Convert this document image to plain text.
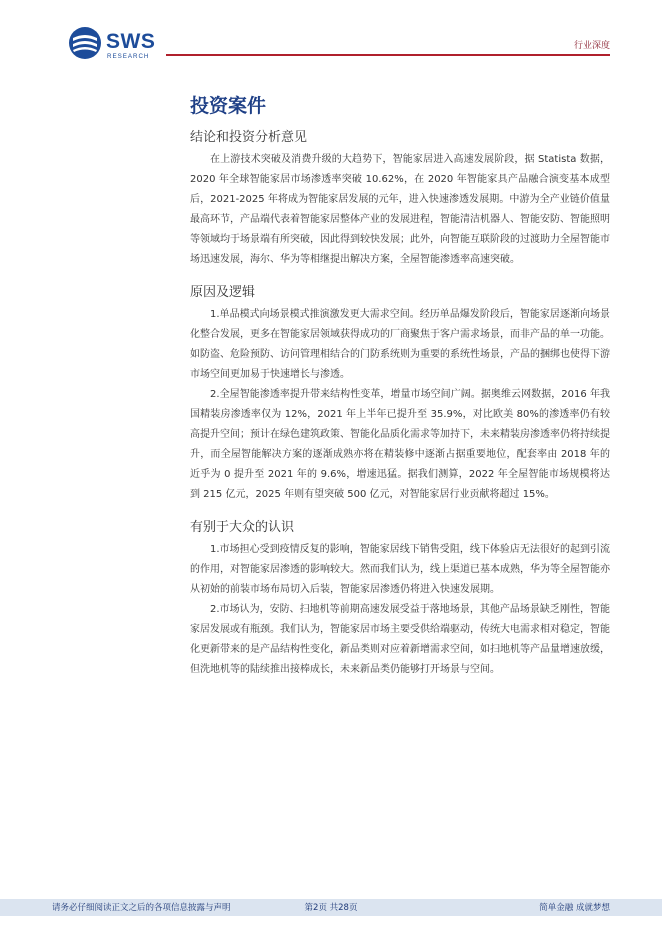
SWS
RESEARCH
行业深度
投资案件
结论和投资分析意见

在上游技术突破及消费升级的大趋势下，智能家居进入高速发展阶段，据 Statista 数据，2020 年全球智能家居市场渗透率突破 10.62%，在 2020 年智能家具产品融合演变基本成型后，2021-2025 年将成为智能家居发展的元年，进入快速渗透发展期。中游为全产业链价值量最高环节，产品端代表着智能家居整体产业的发展进程，智能清洁机器人、智能安防、智能照明等领域均于场景端有所突破，因此得到较快发展；此外，向智能互联阶段的过渡助力全屋智能市场迅速发展，海尔、华为等相继提出解决方案，全屋智能渗透率高速突破。

原因及逻辑

1.单品模式向场景模式推演激发更大需求空间。经历单品爆发阶段后，智能家居逐渐向场景化整合发展，更多在智能家居领域获得成功的厂商聚焦于客户需求场景，而非产品的单一功能。如防盗、危险预防、访问管理相结合的门防系统则为重要的系统性场景，产品的捆绑也使得下游市场空间更加易于快速增长与渗透。

2.全屋智能渗透率提升带来结构性变革，增量市场空间广阔。据奥维云网数据，2016 年我国精装房渗透率仅为 12%，2021 年上半年已提升至 35.9%，对比欧美 80%的渗透率仍有较高提升空间；预计在绿色建筑政策、智能化品质化需求等加持下，未来精装房渗透率仍将持续提升，而全屋智能解决方案的逐渐成熟亦将在精装修中逐渐占据重要地位，配套率由 2018 年的近乎为 0 提升至 2021 年的 9.6%，增速迅猛。据我们测算，2022 年全屋智能市场规模将达到 215 亿元，2025 年则有望突破 500 亿元，对智能家居行业贡献将超过 15%。

有别于大众的认识

1.市场担心受到疫情反复的影响，智能家居线下销售受阻，线下体验店无法很好的起到引流的作用，对智能家居渗透的影响较大。然而我们认为，线上渠道已基本成熟，华为等全屋智能亦从初始的前装市场布局切入后装，智能家居渗透仍将进入快速发展期。

2.市场认为，安防、扫地机等前期高速发展受益于落地场景，其他产品场景缺乏刚性，智能家居发展或有瓶颈。我们认为，智能家居市场主要受供给端驱动，传统大电需求相对稳定，智能化更新带来的是产品结构性变化，新品类则对应着新增需求空间，如扫地机等产品量增速放缓，但洗地机等的陆续推出接棒成长，未来新品类仍能够打开场景与空间。

请务必仔细阅读正文之后的各项信息披露与声明	第2页 共28页	简单金融 成就梦想
